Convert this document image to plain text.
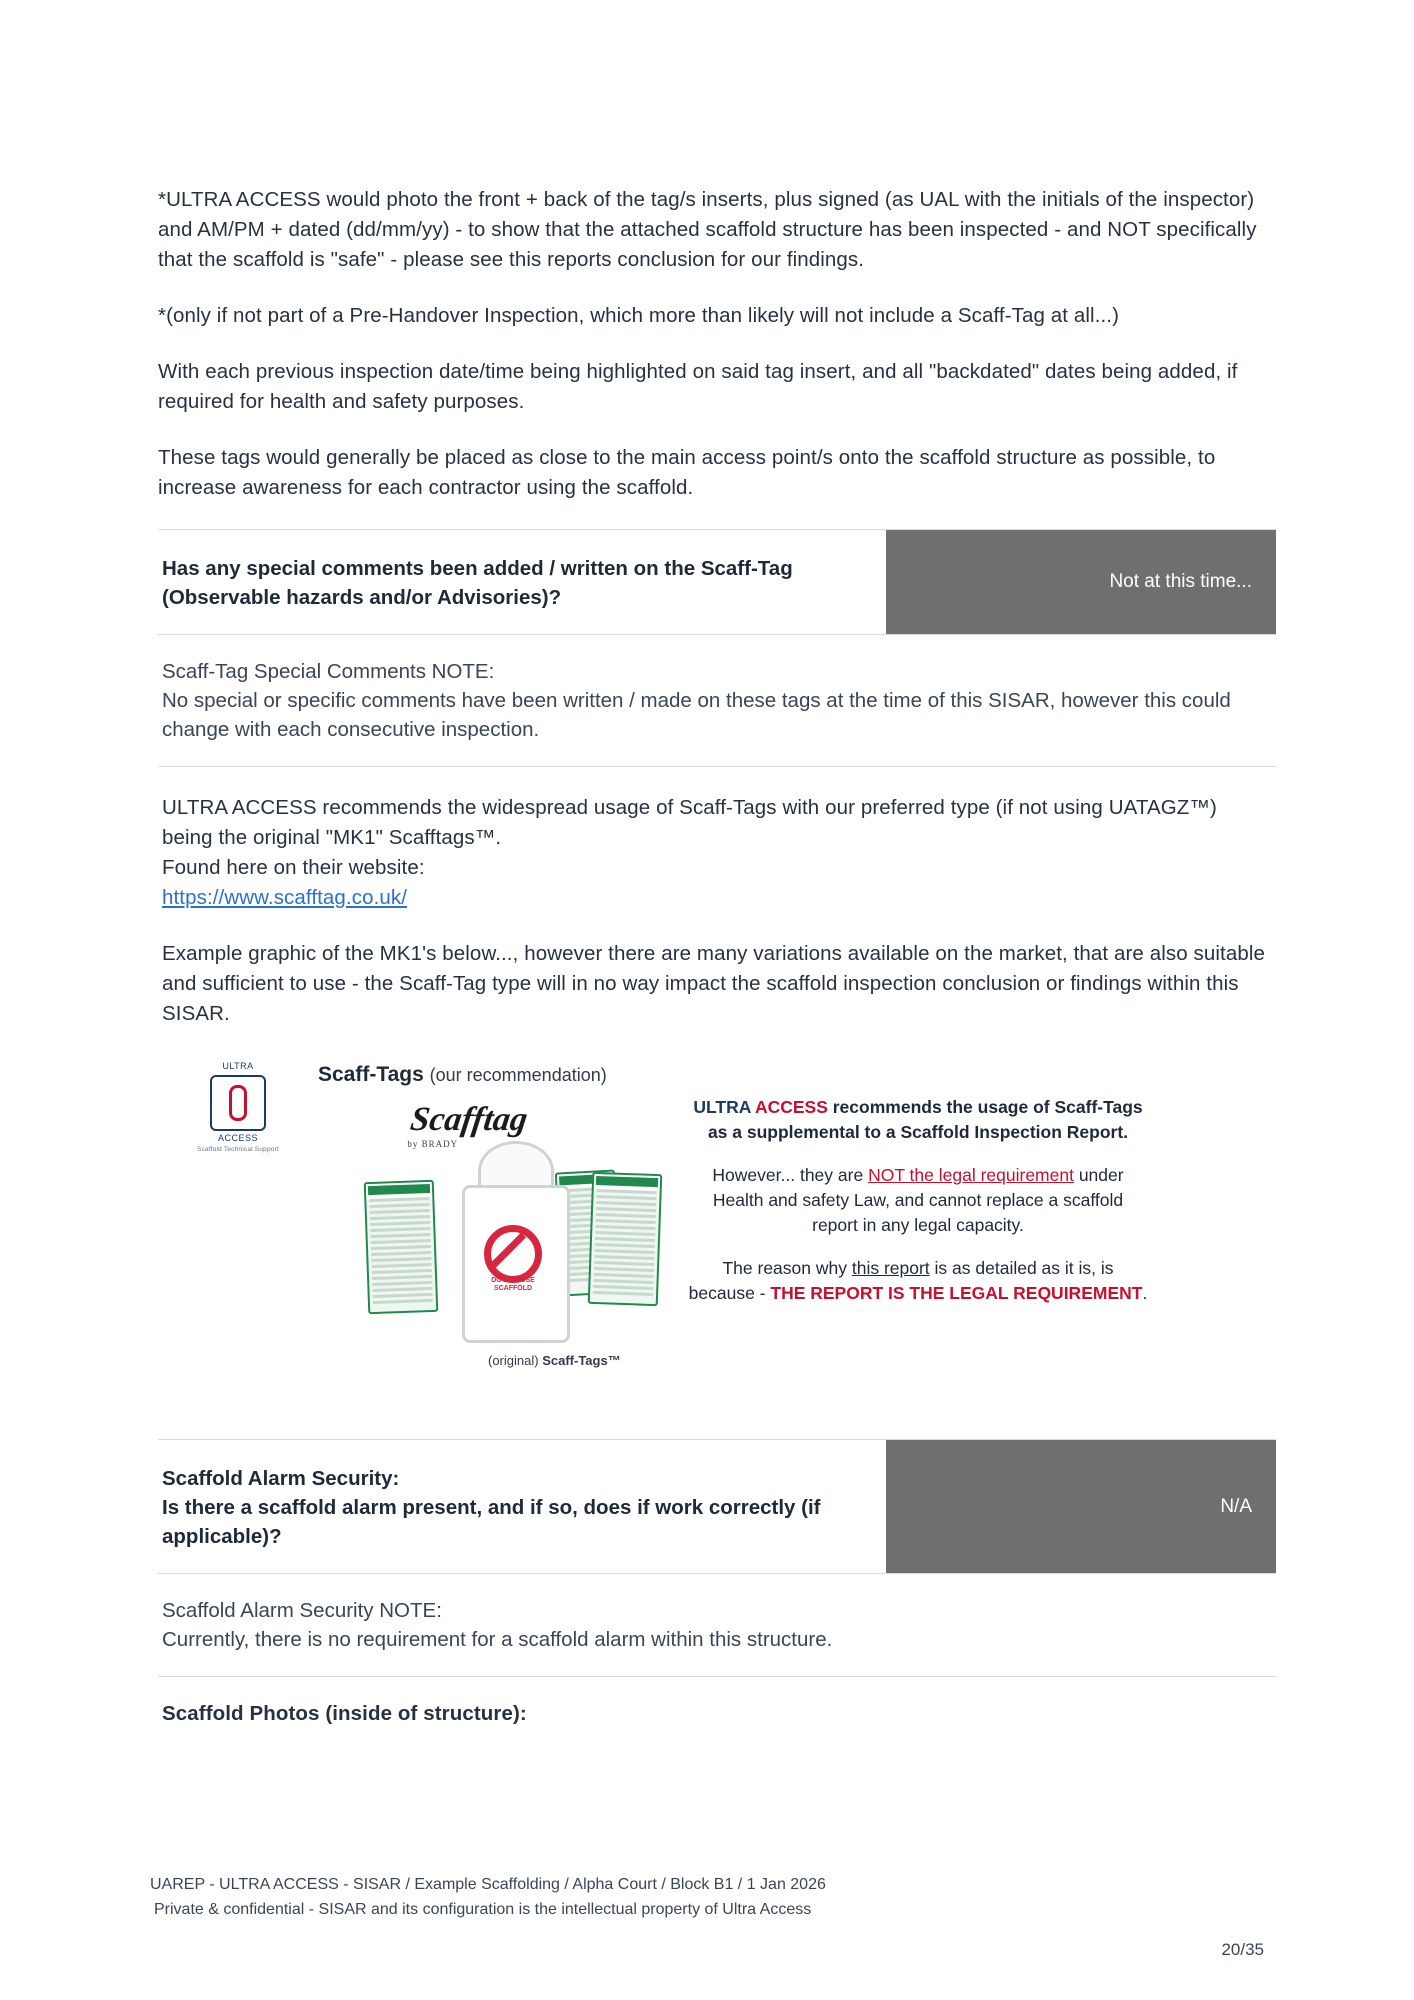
*ULTRA ACCESS would photo the front + back of the tag/s inserts, plus signed (as UAL with the initials of the inspector) and AM/PM + dated (dd/mm/yy) - to show that the attached scaffold structure has been inspected - and NOT specifically that the scaffold is "safe" - please see this reports conclusion for our findings.

*(only if not part of a Pre-Handover Inspection, which more than likely will not include a Scaff-Tag at all...)

With each previous inspection date/time being highlighted on said tag insert, and all "backdated" dates being added, if required for health and safety purposes.

These tags would generally be placed as close to the main access point/s onto the scaffold structure as possible, to increase awareness for each contractor using the scaffold.

Has any special comments been added / written on the Scaff-Tag (Observable hazards and/or Advisories)?
Not at this time...
Scaff-Tag Special Comments NOTE:
No special or specific comments have been written / made on these tags at the time of this SISAR, however this could change with each consecutive inspection.

ULTRA ACCESS recommends the widespread usage of Scaff-Tags with our preferred type (if not using UATAGZ™) being the original "MK1" Scafftags™.

Found here on their website:

https://www.scafftag.co.uk/

Example graphic of the MK1's below..., however there are many variations available on the market, that are also suitable and sufficient to use - the Scaff-Tag type will in no way impact the scaffold inspection conclusion or findings within this SISAR.

ULTRA
ACCESS
Scaffold Technical Support
Scaff-Tags (our recommendation)
Scafftag
by BRADY
DO NOT USE SCAFFOLD
(original) Scaff-Tags™

ULTRA ACCESS recommends the usage of Scaff-Tags as a supplemental to a Scaffold Inspection Report.

However... they are NOT the legal requirement under Health and safety Law, and cannot replace a scaffold report in any legal capacity.

The reason why this report is as detailed as it is, is because - THE REPORT IS THE LEGAL REQUIREMENT.

Scaffold Alarm Security:
Is there a scaffold alarm present, and if so, does if work correctly (if applicable)?
N/A
Scaffold Alarm Security NOTE:
Currently, there is no requirement for a scaffold alarm within this structure.

Scaffold Photos (inside of structure):

UAREP - ULTRA ACCESS - SISAR / Example Scaffolding / Alpha Court / Block B1 / 1 Jan 2026
Private & confidential - SISAR and its configuration is the intellectual property of Ultra Access
20/35
